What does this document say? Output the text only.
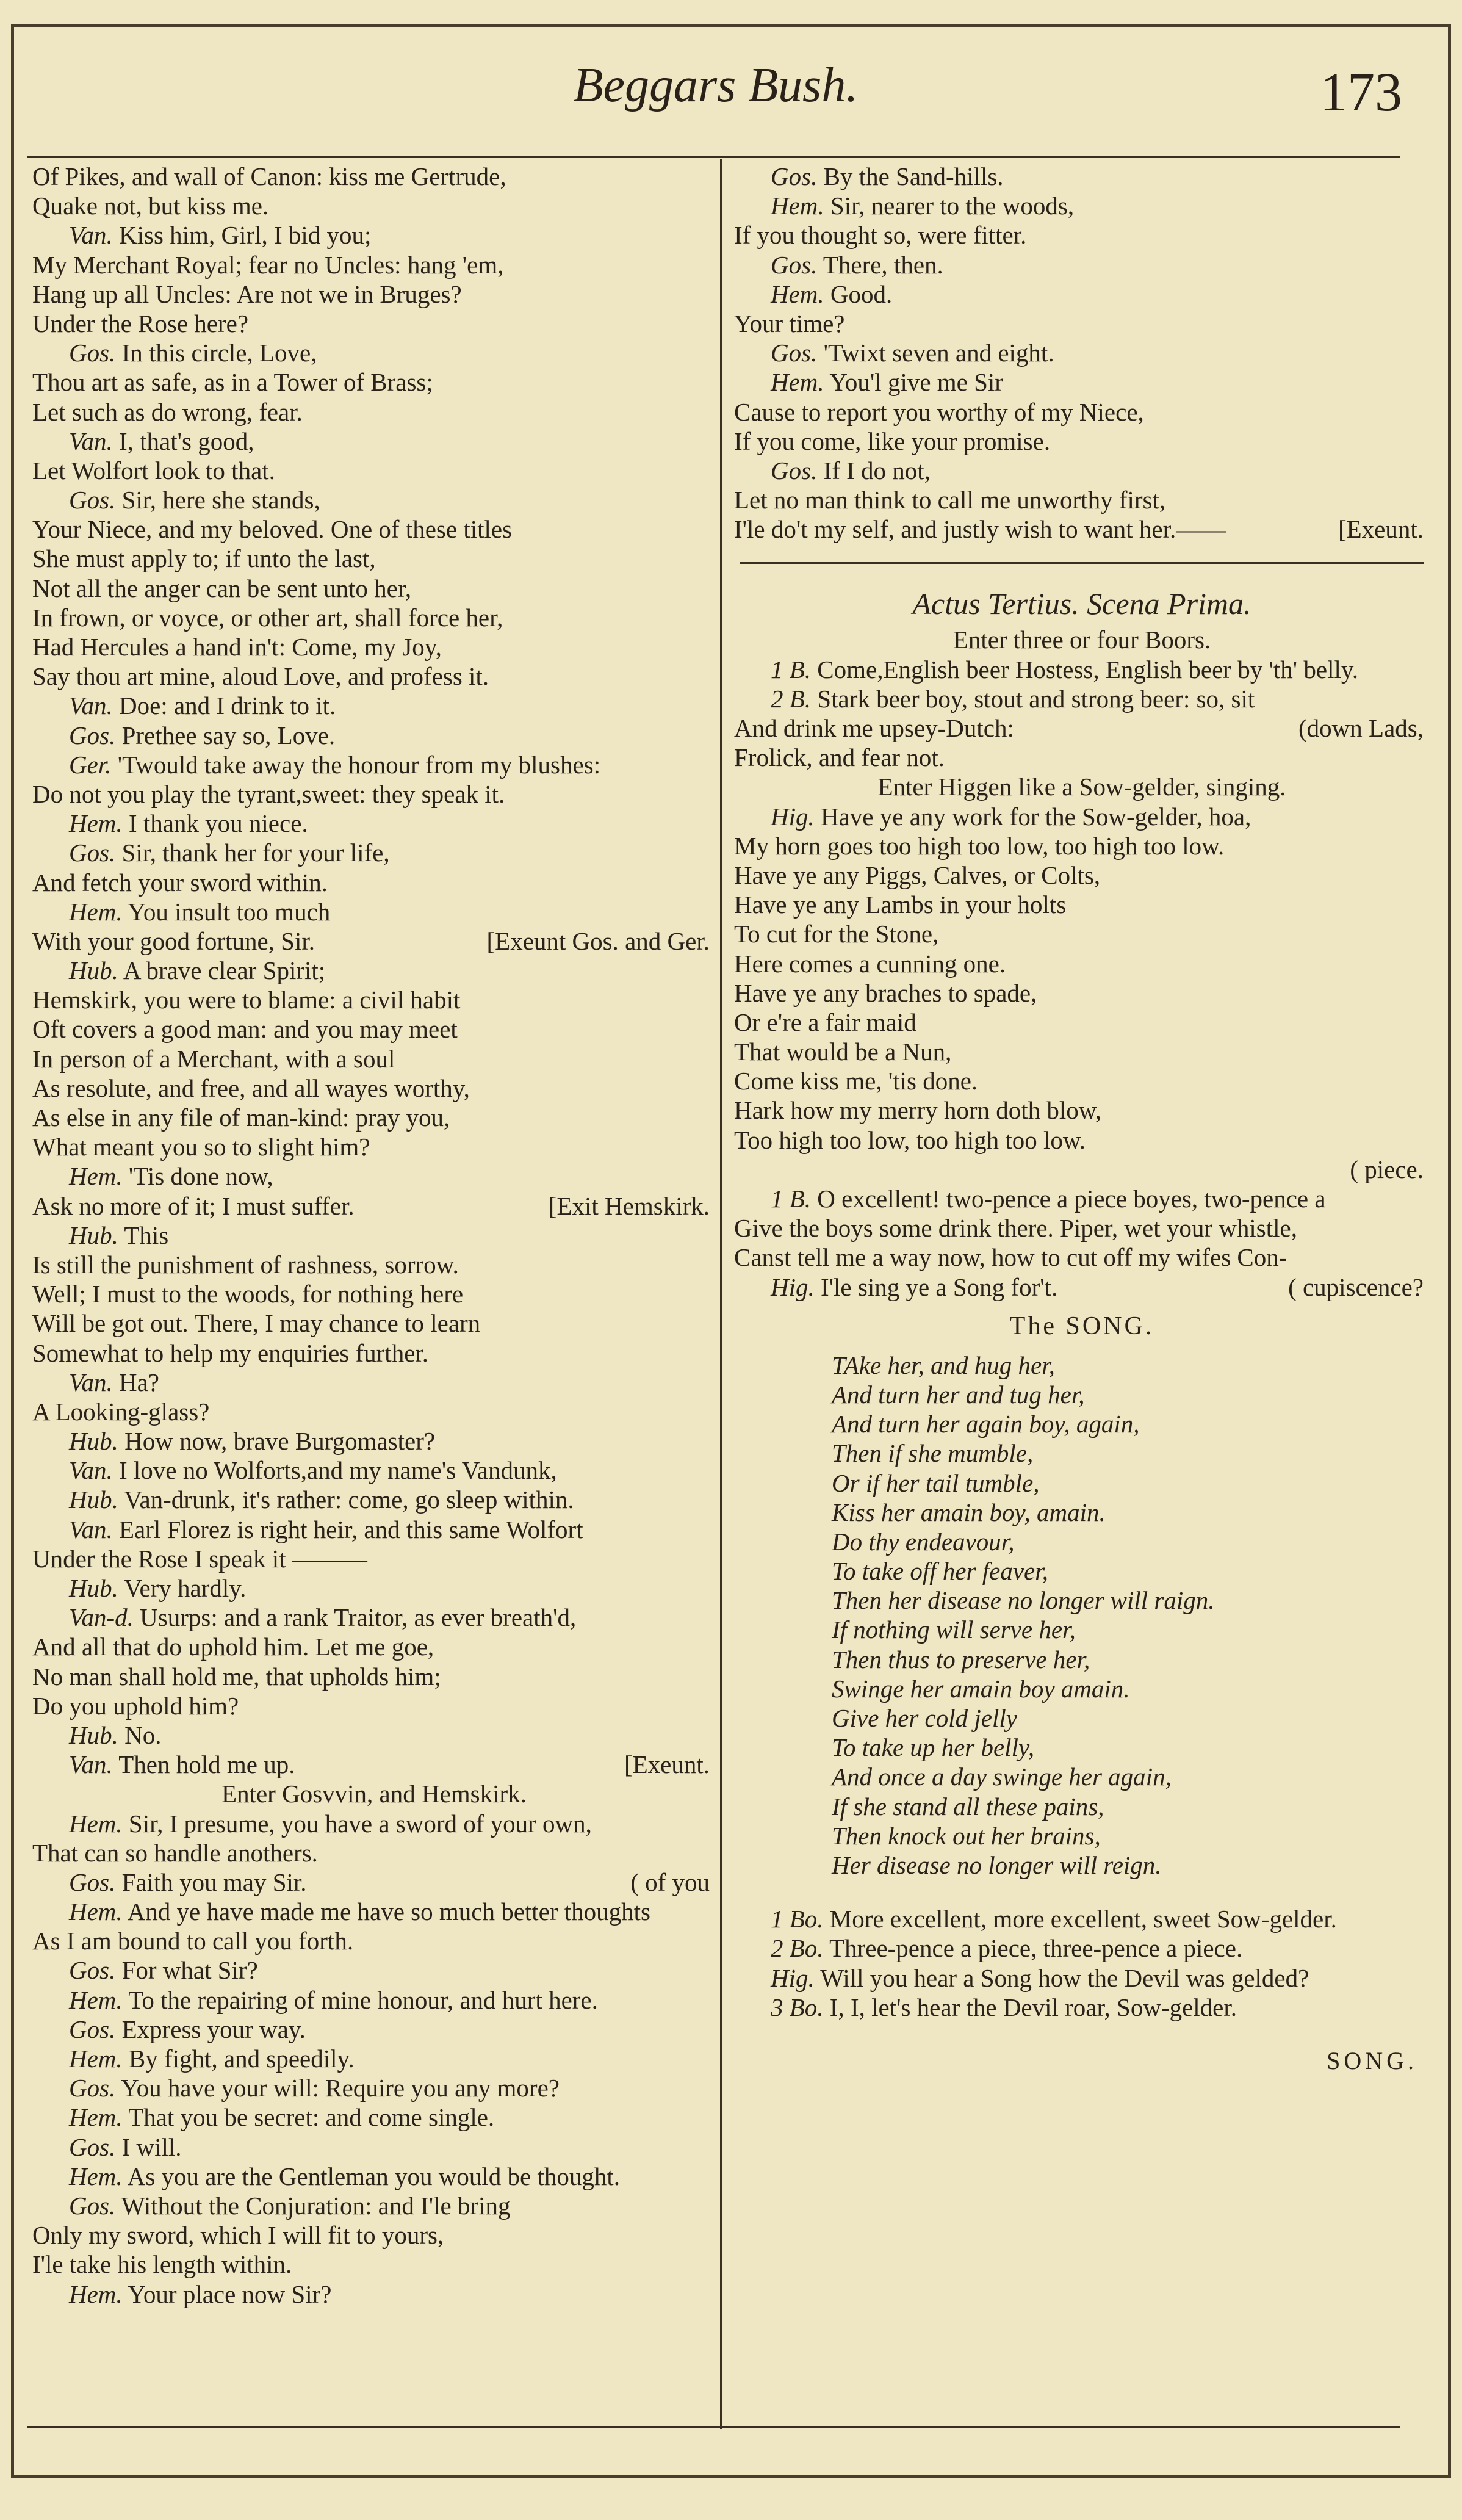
Beggars Bush.	173
Of Pikes, and wall of Canon: kiss me Gertrude,
Quake not, but kiss me.
Van. Kiss him, Girl, I bid you;
My Merchant Royal; fear no Uncles: hang 'em,
Hang up all Uncles: Are not we in Bruges?
Under the Rose here?
Gos. In this circle, Love,
Thou art as safe, as in a Tower of Brass;
Let such as do wrong, fear.
Van. I, that's good,
Let Wolfort look to that.
Gos. Sir, here she stands,
Your Niece, and my beloved. One of these titles
She must apply to; if unto the last,
Not all the anger can be sent unto her,
In frown, or voyce, or other art, shall force her,
Had Hercules a hand in't: Come, my Joy,
Say thou art mine, aloud Love, and profess it.
Van. Doe: and I drink to it.
Gos. Prethee say so, Love.
Ger. 'Twould take away the honour from my blushes:
Do not you play the tyrant,sweet: they speak it.
Hem. I thank you niece.
Gos. Sir, thank her for your life,
And fetch your sword within.
Hem. You insult too much
With your good fortune, Sir.	[Exeunt Gos. and Ger.
Hub. A brave clear Spirit;
Hemskirk, you were to blame: a civil habit
Oft covers a good man: and you may meet
In person of a Merchant, with a soul
As resolute, and free, and all wayes worthy,
As else in any file of man-kind: pray you,
What meant you so to slight him?
Hem. 'Tis done now,
Ask no more of it; I must suffer.	[Exit Hemskirk.
Hub. This
Is still the punishment of rashness, sorrow.
Well; I must to the woods, for nothing here
Will be got out. There, I may chance to learn
Somewhat to help my enquiries further.
Van. Ha?
A Looking-glass?
Hub. How now, brave Burgomaster?
Van. I love no Wolforts,and my name's Vandunk,
Hub. Van-drunk, it's rather: come, go sleep within.
Van. Earl Florez is right heir, and this same Wolfort
Under the Rose I speak it ———
Hub. Very hardly.
Van-d. Usurps: and a rank Traitor, as ever breath'd,
And all that do uphold him. Let me goe,
No man shall hold me, that upholds him;
Do you uphold him?
Hub. No.
Van. Then hold me up.	[Exeunt.
Enter Gosvvin, and Hemskirk.
Hem. Sir, I presume, you have a sword of your own,
That can so handle anothers.
Gos. Faith you may Sir.	( of you
Hem. And ye have made me have so much better thoughts
As I am bound to call you forth.
Gos. For what Sir?
Hem. To the repairing of mine honour, and hurt here.
Gos. Express your way.
Hem. By fight, and speedily.
Gos. You have your will: Require you any more?
Hem. That you be secret: and come single.
Gos. I will.
Hem. As you are the Gentleman you would be thought.
Gos. Without the Conjuration: and I'le bring
Only my sword, which I will fit to yours,
I'le take his length within.
Hem. Your place now Sir?
Gos. By the Sand-hills.
Hem. Sir, nearer to the woods,
If you thought so, were fitter.
Gos. There, then.
Hem. Good.
Your time?
Gos. 'Twixt seven and eight.
Hem. You'l give me Sir
Cause to report you worthy of my Niece,
If you come, like your promise.
Gos. If I do not,
Let no man think to call me unworthy first,
I'le do't my self, and justly wish to want her.——	[Exeunt.
Actus Tertius. Scena Prima.
Enter three or four Boors.
1 B. Come,English beer Hostess, English beer by 'th' belly.
2 B. Stark beer boy, stout and strong beer: so, sit
And drink me upsey-Dutch:	(down Lads,
Frolick, and fear not.
Enter Higgen like a Sow-gelder, singing.
Hig. Have ye any work for the Sow-gelder, hoa,
My horn goes too high too low, too high too low.
Have ye any Piggs, Calves, or Colts,
Have ye any Lambs in your holts
To cut for the Stone,
Here comes a cunning one.
Have ye any braches to spade,
Or e're a fair maid
That would be a Nun,
Come kiss me, 'tis done.
Hark how my merry horn doth blow,
Too high too low, too high too low.
( piece.
1 B. O excellent! two-pence a piece boyes, two-pence a
Give the boys some drink there. Piper, wet your whistle,
Canst tell me a way now, how to cut off my wifes Con-
Hig. I'le sing ye a Song for't.	( cupiscence?
The SONG.
TAke her, and hug her,
And turn her and tug her,
And turn her again boy, again,
Then if she mumble,
Or if her tail tumble,
Kiss her amain boy, amain.
Do thy endeavour,
To take off her feaver,
Then her disease no longer will raign.
If nothing will serve her,
Then thus to preserve her,
Swinge her amain boy amain.
Give her cold jelly
To take up her belly,
And once a day swinge her again,
If she stand all these pains,
Then knock out her brains,
Her disease no longer will reign.
1 Bo. More excellent, more excellent, sweet Sow-gelder.
2 Bo. Three-pence a piece, three-pence a piece.
Hig. Will you hear a Song how the Devil was gelded?
3 Bo. I, I, let's hear the Devil roar, Sow-gelder.
SONG.
